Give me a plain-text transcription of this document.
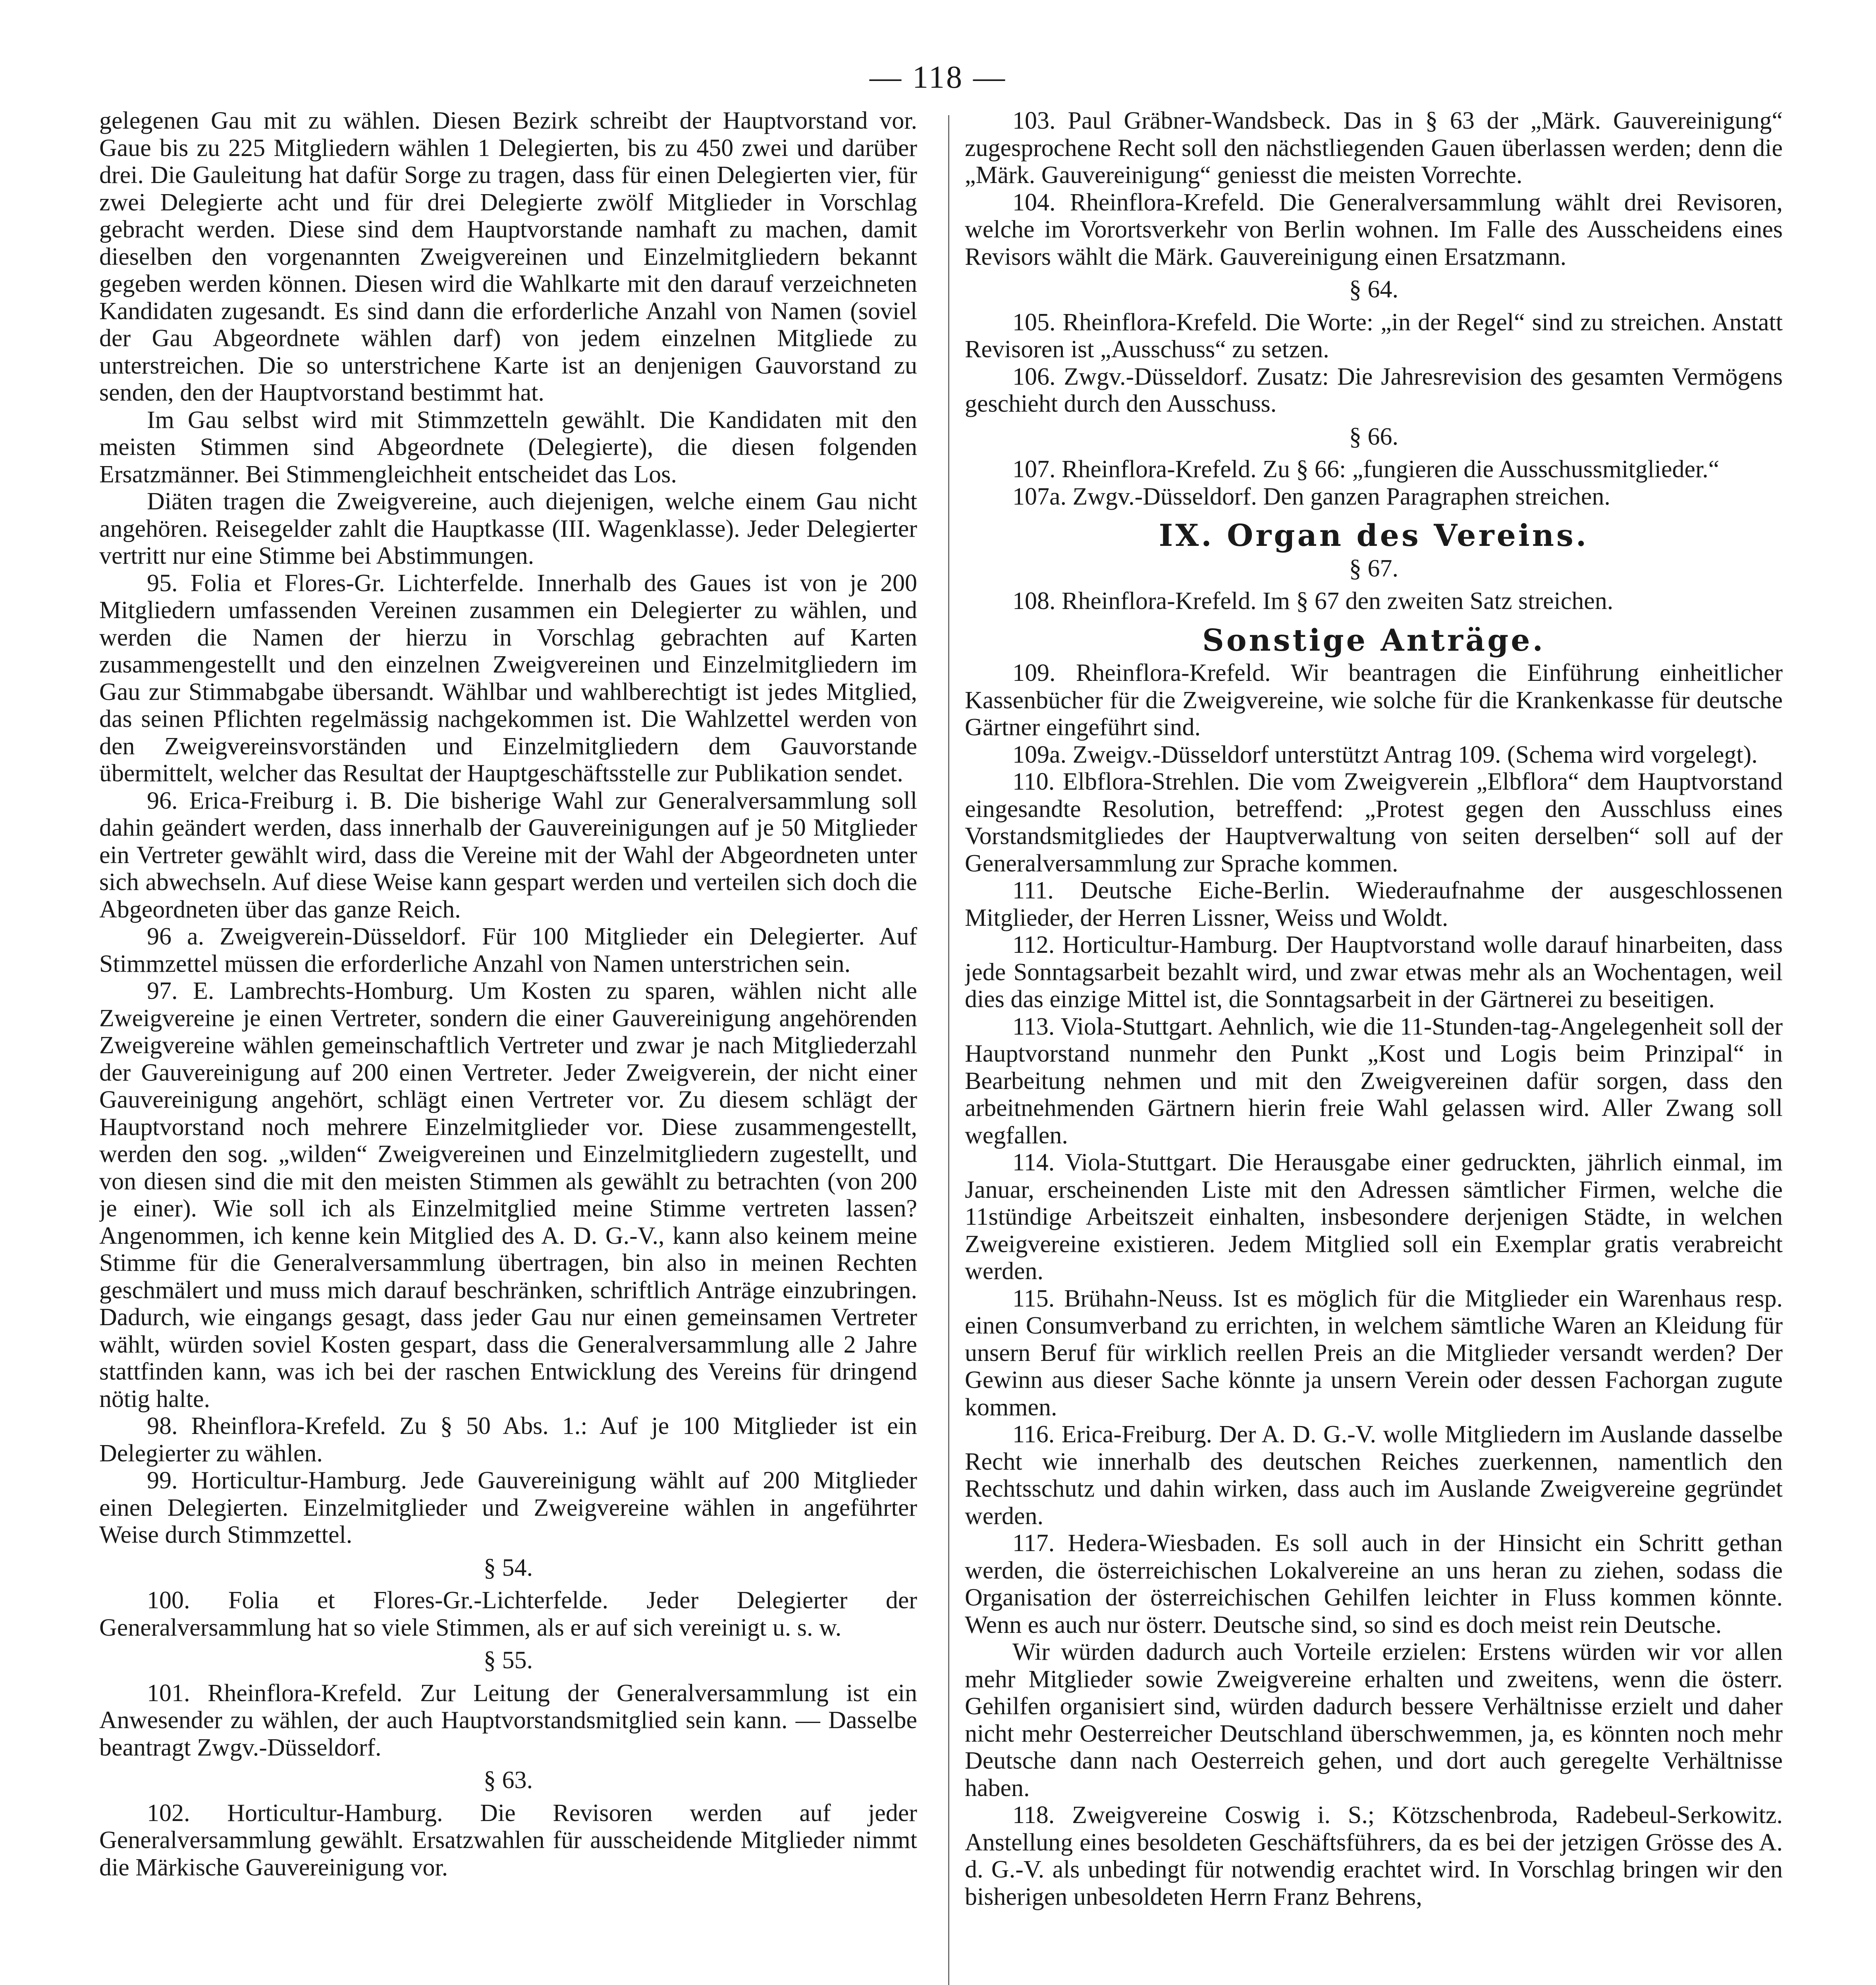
— 118 —

gelegenen Gau mit zu wählen. Diesen Bezirk schreibt der Hauptvorstand vor. Gaue bis zu 225 Mitgliedern wählen 1 Delegierten, bis zu 450 zwei und darüber drei. Die Gauleitung hat dafür Sorge zu tragen, dass für einen Delegierten vier, für zwei Delegierte acht und für drei Delegierte zwölf Mitglieder in Vorschlag gebracht werden. Diese sind dem Hauptvorstande namhaft zu machen, damit dieselben den vorgenannten Zweigvereinen und Einzelmitgliedern bekannt gegeben werden können. Diesen wird die Wahlkarte mit den darauf verzeichneten Kandidaten zugesandt. Es sind dann die erforderliche Anzahl von Namen (soviel der Gau Abgeordnete wählen darf) von jedem einzelnen Mitgliede zu unterstreichen. Die so unterstrichene Karte ist an denjenigen Gauvorstand zu senden, den der Hauptvorstand bestimmt hat.

Im Gau selbst wird mit Stimmzetteln gewählt. Die Kandidaten mit den meisten Stimmen sind Abgeordnete (Delegierte), die diesen folgenden Ersatzmänner. Bei Stimmengleichheit entscheidet das Los.

Diäten tragen die Zweigvereine, auch diejenigen, welche einem Gau nicht angehören. Reisegelder zahlt die Hauptkasse (III. Wagenklasse). Jeder Delegierter vertritt nur eine Stimme bei Abstimmungen.

95. Folia et Flores-Gr. Lichterfelde. Innerhalb des Gaues ist von je 200 Mitgliedern umfassenden Vereinen zusammen ein Delegierter zu wählen, und werden die Namen der hierzu in Vorschlag gebrachten auf Karten zusammengestellt und den einzelnen Zweigvereinen und Einzelmitgliedern im Gau zur Stimmabgabe übersandt. Wählbar und wahlberechtigt ist jedes Mitglied, das seinen Pflichten regelmässig nachgekommen ist. Die Wahlzettel werden von den Zweigvereinsvorständen und Einzelmitgliedern dem Gauvorstande übermittelt, welcher das Resultat der Hauptgeschäftsstelle zur Publikation sendet.

96. Erica-Freiburg i. B. Die bisherige Wahl zur Generalversammlung soll dahin geändert werden, dass innerhalb der Gauvereinigungen auf je 50 Mitglieder ein Vertreter gewählt wird, dass die Vereine mit der Wahl der Abgeordneten unter sich abwechseln. Auf diese Weise kann gespart werden und verteilen sich doch die Abgeordneten über das ganze Reich.

96 a. Zweigverein-Düsseldorf. Für 100 Mitglieder ein Delegierter. Auf Stimmzettel müssen die erforderliche Anzahl von Namen unterstrichen sein.

97. E. Lambrechts-Homburg. Um Kosten zu sparen, wählen nicht alle Zweigvereine je einen Vertreter, sondern die einer Gauvereinigung angehörenden Zweigvereine wählen gemeinschaftlich Vertreter und zwar je nach Mitgliederzahl der Gauvereinigung auf 200 einen Vertreter. Jeder Zweigverein, der nicht einer Gauvereinigung angehört, schlägt einen Vertreter vor. Zu diesem schlägt der Hauptvorstand noch mehrere Einzelmitglieder vor. Diese zusammengestellt, werden den sog. „wilden“ Zweigvereinen und Einzelmitgliedern zugestellt, und von diesen sind die mit den meisten Stimmen als gewählt zu betrachten (von 200 je einer). Wie soll ich als Einzelmitglied meine Stimme vertreten lassen? Angenommen, ich kenne kein Mitglied des A. D. G.-V., kann also keinem meine Stimme für die Generalversammlung übertragen, bin also in meinen Rechten geschmälert und muss mich darauf beschränken, schriftlich Anträge einzubringen. Dadurch, wie eingangs gesagt, dass jeder Gau nur einen gemeinsamen Vertreter wählt, würden soviel Kosten gespart, dass die Generalversammlung alle 2 Jahre stattfinden kann, was ich bei der raschen Entwicklung des Vereins für dringend nötig halte.

98. Rheinflora-Krefeld. Zu § 50 Abs. 1.: Auf je 100 Mitglieder ist ein Delegierter zu wählen.

99. Horticultur-Hamburg. Jede Gauvereinigung wählt auf 200 Mitglieder einen Delegierten. Einzelmitglieder und Zweigvereine wählen in angeführter Weise durch Stimmzettel.

§ 54.

100. Folia et Flores-Gr.-Lichterfelde. Jeder Delegierter der Generalversammlung hat so viele Stimmen, als er auf sich vereinigt u. s. w.

§ 55.

101. Rheinflora-Krefeld. Zur Leitung der Generalversammlung ist ein Anwesender zu wählen, der auch Hauptvorstandsmitglied sein kann. — Dasselbe beantragt Zwgv.-Düsseldorf.

§ 63.

102. Horticultur-Hamburg. Die Revisoren werden auf jeder Generalversammlung gewählt. Ersatzwahlen für ausscheidende Mitglieder nimmt die Märkische Gauvereinigung vor.

103. Paul Gräbner-Wandsbeck. Das in § 63 der „Märk. Gauvereinigung“ zugesprochene Recht soll den nächstliegenden Gauen überlassen werden; denn die „Märk. Gauvereinigung“ geniesst die meisten Vorrechte.

104. Rheinflora-Krefeld. Die Generalversammlung wählt drei Revisoren, welche im Vorortsverkehr von Berlin wohnen. Im Falle des Ausscheidens eines Revisors wählt die Märk. Gauvereinigung einen Ersatzmann.

§ 64.

105. Rheinflora-Krefeld. Die Worte: „in der Regel“ sind zu streichen. Anstatt Revisoren ist „Ausschuss“ zu setzen.

106. Zwgv.-Düsseldorf. Zusatz: Die Jahresrevision des gesamten Vermögens geschieht durch den Ausschuss.

§ 66.

107. Rheinflora-Krefeld. Zu § 66: „fungieren die Ausschussmitglieder.“

107a. Zwgv.-Düsseldorf. Den ganzen Paragraphen streichen.

IX. Organ des Vereins.

§ 67.

108. Rheinflora-Krefeld. Im § 67 den zweiten Satz streichen.

Sonstige Anträge.

109. Rheinflora-Krefeld. Wir beantragen die Einführung einheitlicher Kassenbücher für die Zweigvereine, wie solche für die Krankenkasse für deutsche Gärtner eingeführt sind.

109a. Zweigv.-Düsseldorf unterstützt Antrag 109. (Schema wird vorgelegt).

110. Elbflora-Strehlen. Die vom Zweigverein „Elbflora“ dem Hauptvorstand eingesandte Resolution, betreffend: „Protest gegen den Ausschluss eines Vorstandsmitgliedes der Hauptverwaltung von seiten derselben“ soll auf der Generalversammlung zur Sprache kommen.

111. Deutsche Eiche-Berlin. Wiederaufnahme der ausgeschlossenen Mitglieder, der Herren Lissner, Weiss und Woldt.

112. Horticultur-Hamburg. Der Hauptvorstand wolle darauf hinarbeiten, dass jede Sonntagsarbeit bezahlt wird, und zwar etwas mehr als an Wochentagen, weil dies das einzige Mittel ist, die Sonntagsarbeit in der Gärtnerei zu beseitigen.

113. Viola-Stuttgart. Aehnlich, wie die 11-Stunden-tag-Angelegenheit soll der Hauptvorstand nunmehr den Punkt „Kost und Logis beim Prinzipal“ in Bearbeitung nehmen und mit den Zweigvereinen dafür sorgen, dass den arbeitnehmenden Gärtnern hierin freie Wahl gelassen wird. Aller Zwang soll wegfallen.

114. Viola-Stuttgart. Die Herausgabe einer gedruckten, jährlich einmal, im Januar, erscheinenden Liste mit den Adressen sämtlicher Firmen, welche die 11stündige Arbeitszeit einhalten, insbesondere derjenigen Städte, in welchen Zweigvereine existieren. Jedem Mitglied soll ein Exemplar gratis verabreicht werden.

115. Brühahn-Neuss. Ist es möglich für die Mitglieder ein Warenhaus resp. einen Consumverband zu errichten, in welchem sämtliche Waren an Kleidung für unsern Beruf für wirklich reellen Preis an die Mitglieder versandt werden? Der Gewinn aus dieser Sache könnte ja unsern Verein oder dessen Fachorgan zugute kommen.

116. Erica-Freiburg. Der A. D. G.-V. wolle Mitgliedern im Auslande dasselbe Recht wie innerhalb des deutschen Reiches zuerkennen, namentlich den Rechtsschutz und dahin wirken, dass auch im Auslande Zweigvereine gegründet werden.

117. Hedera-Wiesbaden. Es soll auch in der Hinsicht ein Schritt gethan werden, die österreichischen Lokalvereine an uns heran zu ziehen, sodass die Organisation der österreichischen Gehilfen leichter in Fluss kommen könnte. Wenn es auch nur österr. Deutsche sind, so sind es doch meist rein Deutsche.

Wir würden dadurch auch Vorteile erzielen: Erstens würden wir vor allen mehr Mitglieder sowie Zweigvereine erhalten und zweitens, wenn die österr. Gehilfen organisiert sind, würden dadurch bessere Verhältnisse erzielt und daher nicht mehr Oesterreicher Deutschland überschwemmen, ja, es könnten noch mehr Deutsche dann nach Oesterreich gehen, und dort auch geregelte Verhältnisse haben.

118. Zweigvereine Coswig i. S.; Kötzschenbroda, Radebeul-Serkowitz. Anstellung eines besoldeten Geschäftsführers, da es bei der jetzigen Grösse des A. d. G.-V. als unbedingt für notwendig erachtet wird. In Vorschlag bringen wir den bisherigen unbesoldeten Herrn Franz Behrens,
